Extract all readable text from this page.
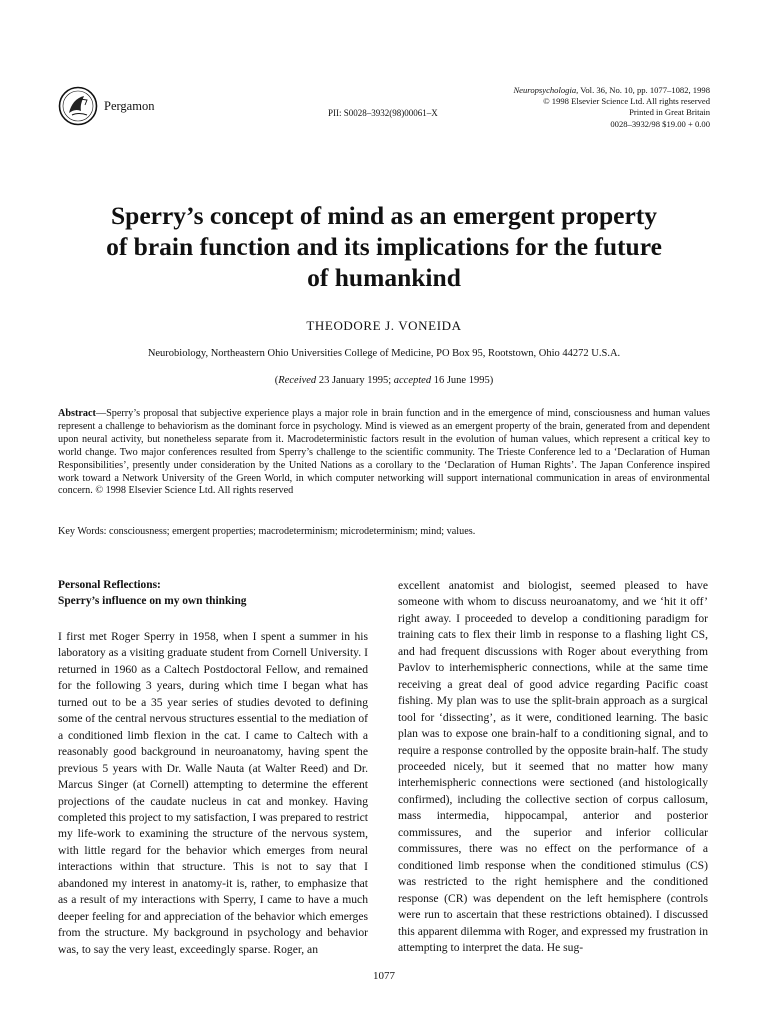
Pergamon	PII: S0028–3932(98)00061–X
Neuropsychologia, Vol. 36, No. 10, pp. 1077–1082, 1998
© 1998 Elsevier Science Ltd. All rights reserved
Printed in Great Britain
0028–3932/98 $19.00 + 0.00
Sperry’s concept of mind as an emergent property
of brain function and its implications for the future
of humankind
THEODORE J. VONEIDA
Neurobiology, Northeastern Ohio Universities College of Medicine, PO Box 95, Rootstown, Ohio 44272 U.S.A.
(Received 23 January 1995; accepted 16 June 1995)
Abstract—Sperry’s proposal that subjective experience plays a major role in brain function and in the emergence of mind, consciousness and human values represent a challenge to behaviorism as the dominant force in psychology. Mind is viewed as an emergent property of the brain, generated from and dependent upon neural activity, but nonetheless separate from it. Macrodeterministic factors result in the evolution of human values, which represent a critical key to world change. Two major conferences resulted from Sperry’s challenge to the scientific community. The Trieste Conference led to a ‘Declaration of Human Responsibilities’, presently under consideration by the United Nations as a corollary to the ‘Declaration of Human Rights’. The Japan Conference inspired work toward a Network University of the Green World, in which computer networking will support international communication in areas of environmental concern. © 1998 Elsevier Science Ltd. All rights reserved
Key Words: consciousness; emergent properties; macrodeterminism; microdeterminism; mind; values.
Personal Reflections:
Sperry’s influence on my own thinking
I first met Roger Sperry in 1958, when I spent a summer in his laboratory as a visiting graduate student from Cornell University. I returned in 1960 as a Caltech Postdoctoral Fellow, and remained for the following 3 years, during which time I began what has turned out to be a 35 year series of studies devoted to defining some of the central nervous structures essential to the mediation of a conditioned limb flexion in the cat. I came to Caltech with a reasonably good background in neuroanatomy, having spent the previous 5 years with Dr. Walle Nauta (at Walter Reed) and Dr. Marcus Singer (at Cornell) attempting to determine the efferent projections of the caudate nucleus in cat and monkey. Having completed this project to my satisfaction, I was prepared to restrict my life-work to examining the structure of the nervous system, with little regard for the behavior which emerges from neural interactions within that structure. This is not to say that I abandoned my interest in anatomy-it is, rather, to emphasize that as a result of my interactions with Sperry, I came to have a much deeper feeling for and appreciation of the behavior which emerges from the structure. My background in psychology and behavior was, to say the very least, exceedingly sparse. Roger, an
excellent anatomist and biologist, seemed pleased to have someone with whom to discuss neuroanatomy, and we ‘hit it off’ right away. I proceeded to develop a conditioning paradigm for training cats to flex their limb in response to a flashing light CS, and had frequent discussions with Roger about everything from Pavlov to interhemispheric connections, while at the same time receiving a great deal of good advice regarding Pacific coast fishing. My plan was to use the split-brain approach as a surgical tool for ‘dissecting’, as it were, conditioned learning. The basic plan was to expose one brain-half to a conditioning signal, and to require a response controlled by the opposite brain-half. The study proceeded nicely, but it seemed that no matter how many interhemispheric connections were sectioned (and histologically confirmed), including the collective section of corpus callosum, mass intermedia, hippocampal, anterior and posterior commissures, and the superior and inferior collicular commissures, there was no effect on the performance of a conditioned limb response when the conditioned stimulus (CS) was restricted to the right hemisphere and the conditioned response (CR) was dependent on the left hemisphere (controls were run to ascertain that these restrictions obtained). I discussed this apparent dilemma with Roger, and expressed my frustration in attempting to interpret the data. He sug-
1077
